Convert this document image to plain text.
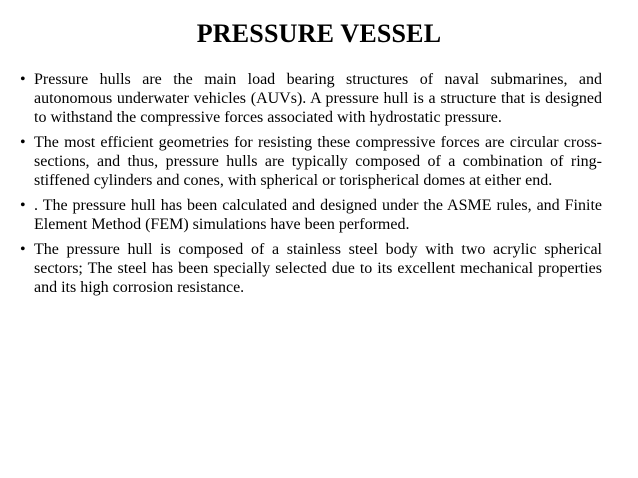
PRESSURE VESSEL
• Pressure hulls are the main load bearing structures of naval submarines, and autonomous underwater vehicles (AUVs). A pressure hull is a structure that is designed to withstand the compressive forces associated with hydrostatic pressure.
• The most efficient geometries for resisting these compressive forces are circular cross-sections, and thus, pressure hulls are typically composed of a combination of ring-stiffened cylinders and cones, with spherical or torispherical domes at either end.
• . The pressure hull has been calculated and designed under the ASME rules, and Finite Element Method (FEM) simulations have been performed.
• The pressure hull is composed of a stainless steel body with two acrylic spherical sectors; The steel has been specially selected due to its excellent mechanical properties and its high corrosion resistance.
